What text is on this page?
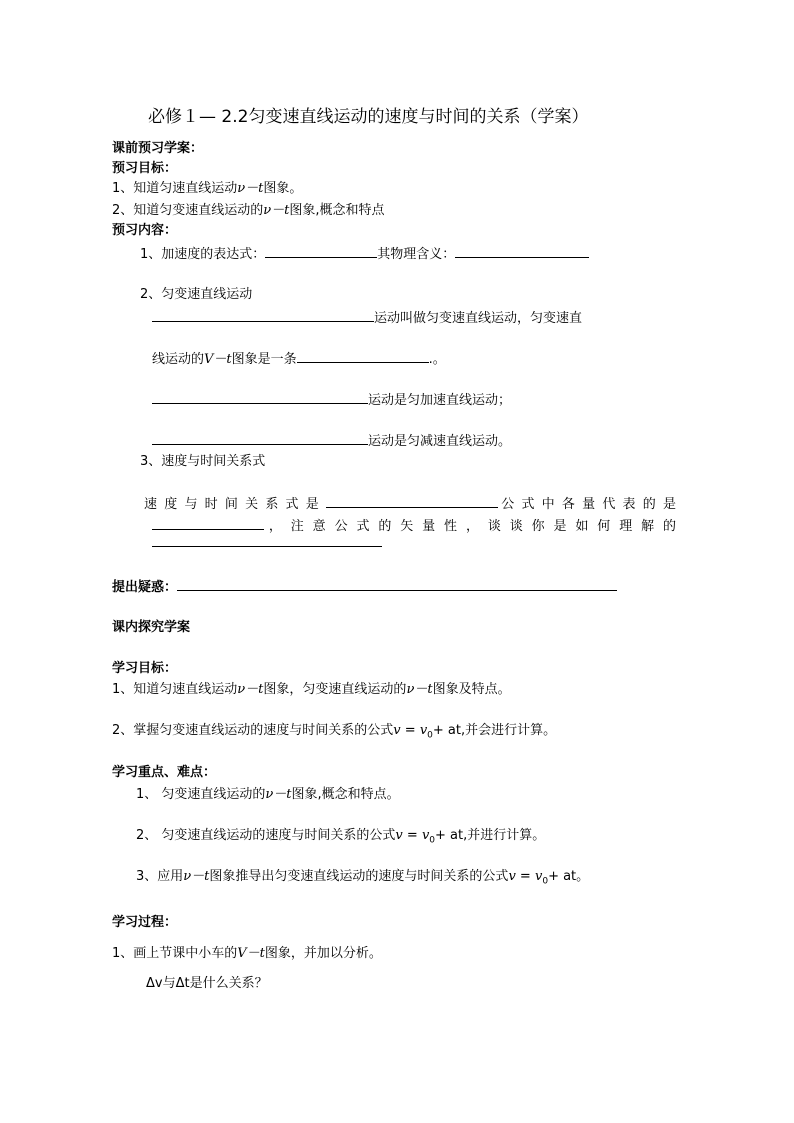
必修１— 2.2匀变速直线运动的速度与时间的关系（学案）
课前预习学案：
预习目标：
1、知道匀速直线运动ν－t图象。
2、知道匀变速直线运动的ν－t图象,概念和特点
预习内容：
1、加速度的表达式：	其物理含义：
2、匀变速直线运动
运动叫做匀变速直线运动，匀变速直
线运动的V－t图象是一条	.。
运动是匀加速直线运动；
运动是匀减速直线运动。
3、速度与时间关系式
速度与时间关系式是	公式中各量代表的是
，注意公式的矢量性，谈谈你是如何理解的
提出疑惑：
课内探究学案
学习目标：
1、知道匀速直线运动ν－t图象，匀变速直线运动的ν－t图象及特点。
2、掌握匀变速直线运动的速度与时间关系的公式$v = v_0+$ at,并会进行计算。
学习重点、难点：
1、 匀变速直线运动的ν－t图象,概念和特点。
2、 匀变速直线运动的速度与时间关系的公式$v = v_0+$ at,并进行计算。
3、应用ν－t图象推导出匀变速直线运动的速度与时间关系的公式$v = v_0+$ at。
学习过程：
1、画上节课中小车的V－t图象，并加以分析。
Δv与Δt是什么关系？
